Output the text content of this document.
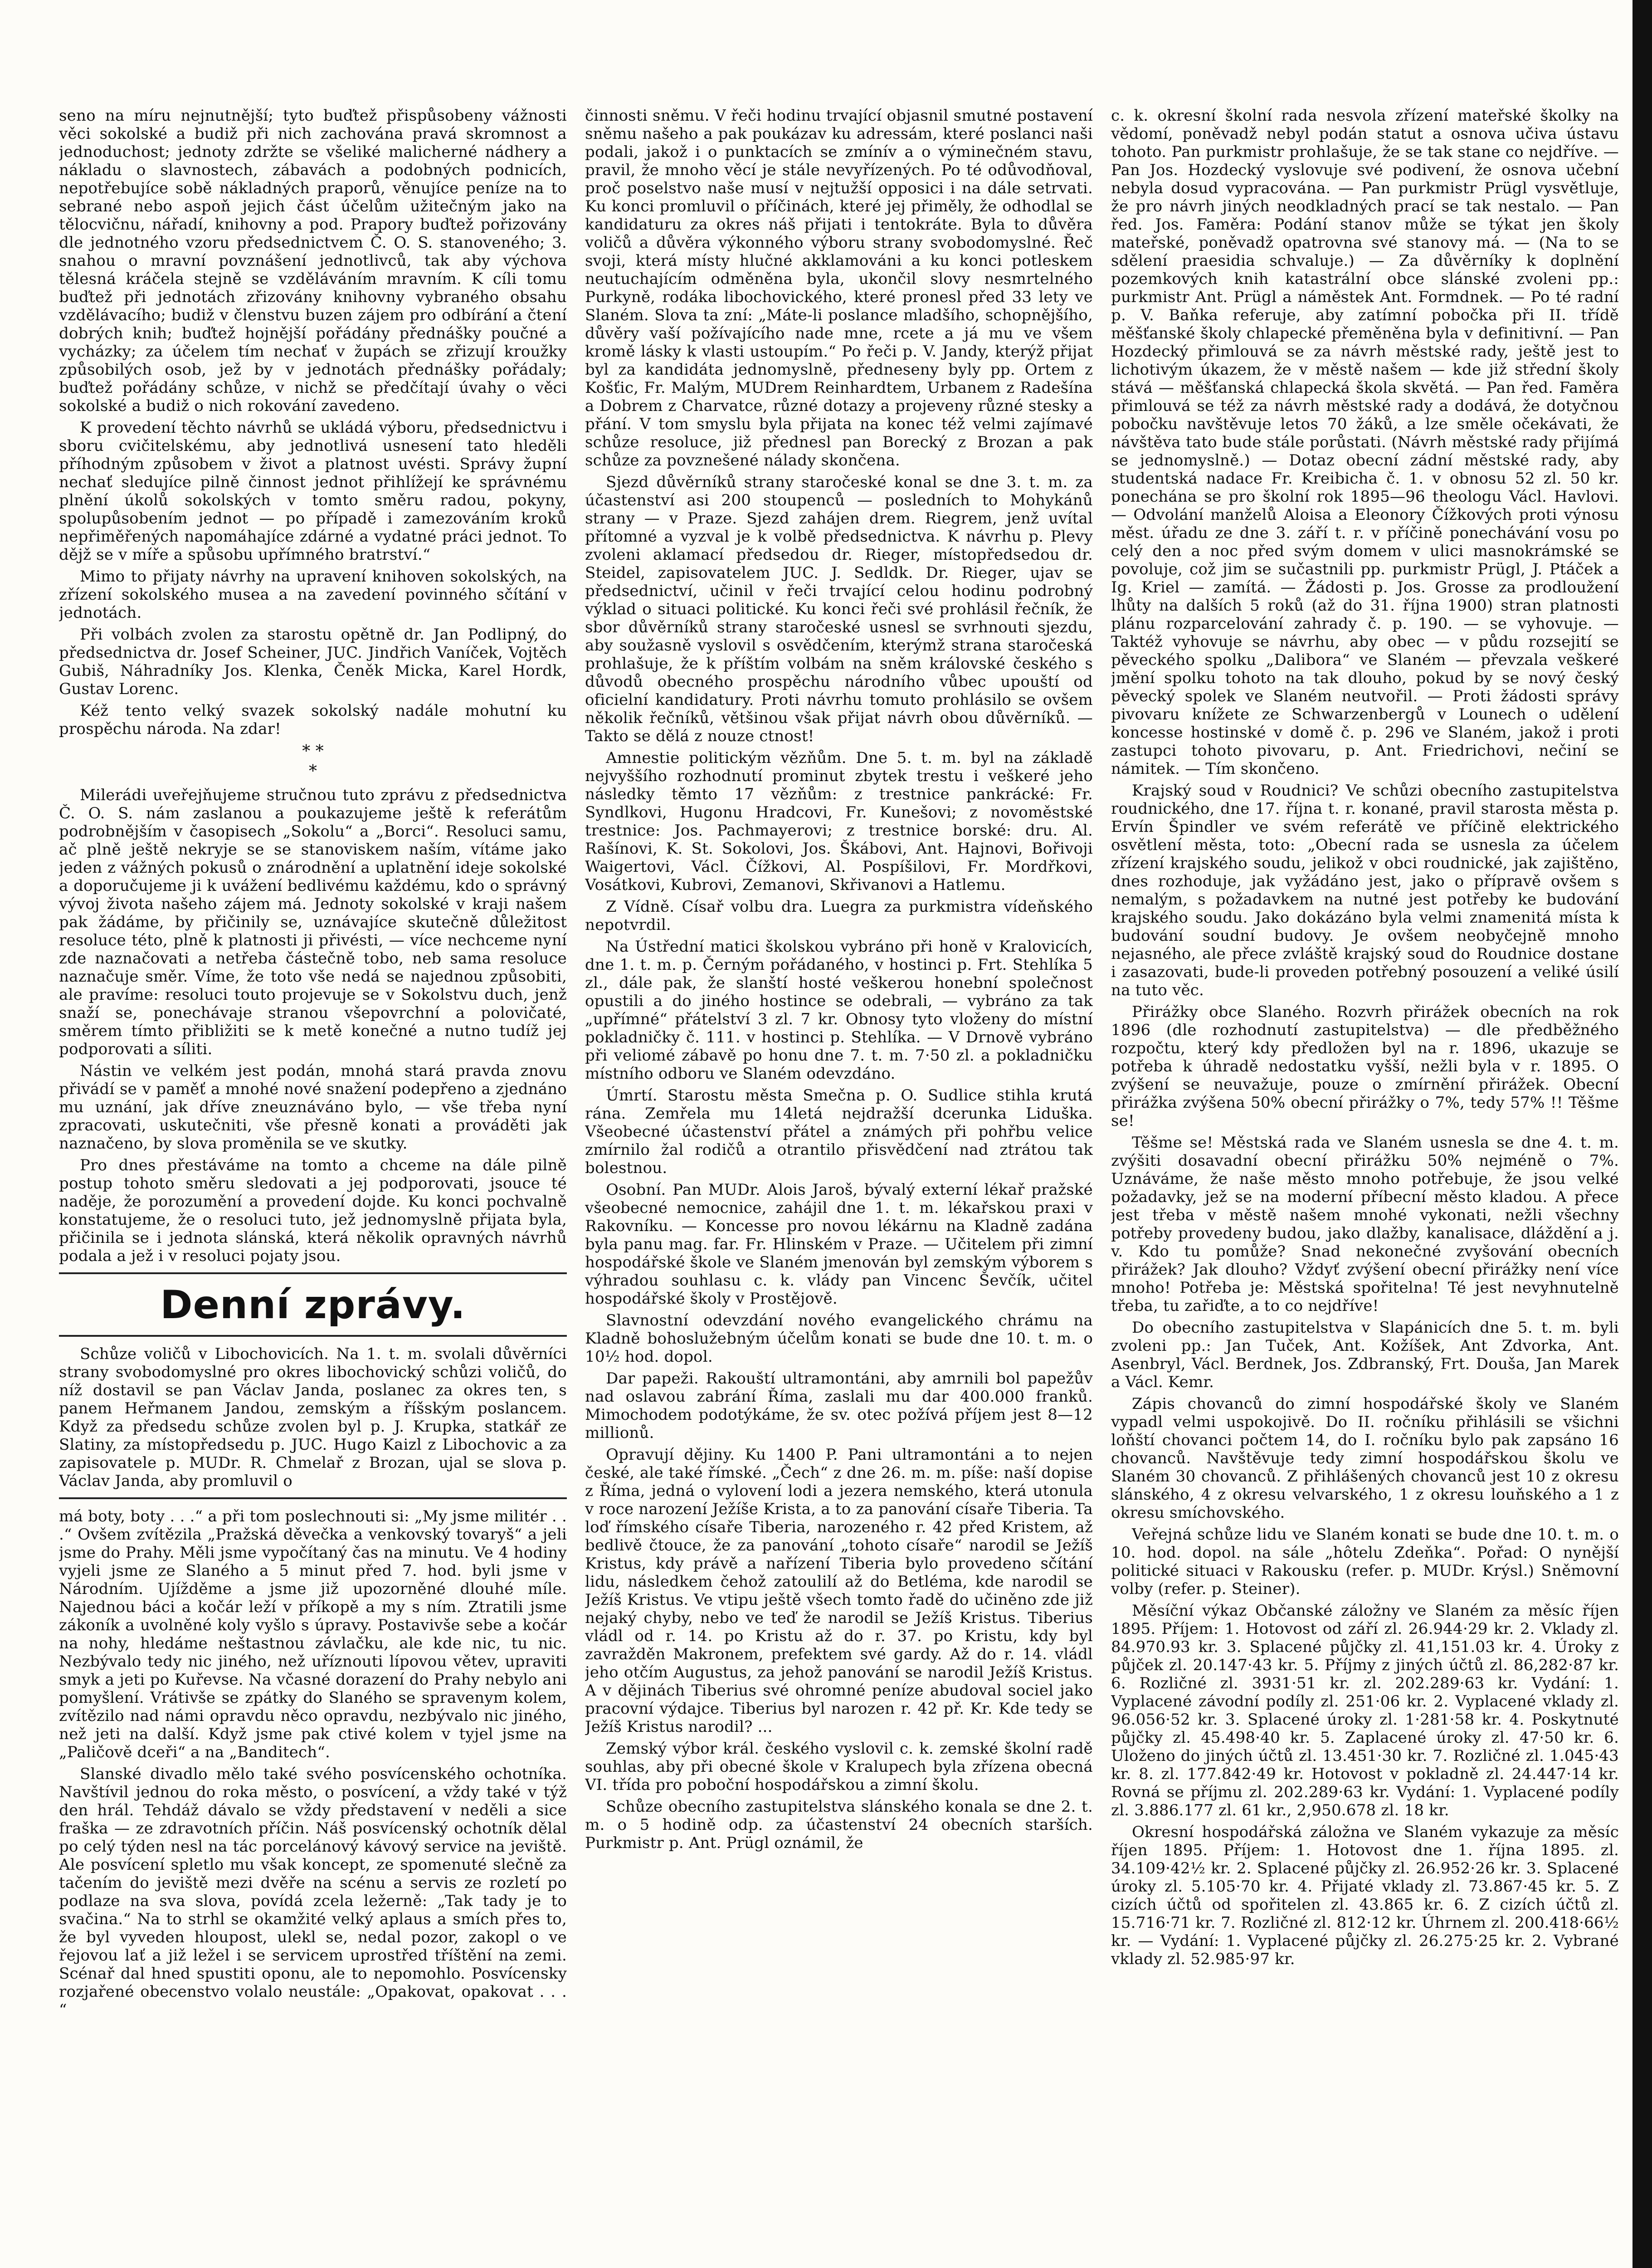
seno na míru nejnutnější; tyto buďtež přispůsobeny vážnosti věci sokolské a budiž při nich zachována pravá skromnost a jednoduchost; jednoty zdržte se všeliké malicherné nádhery a nákladu o slavnostech, zábavách a podobných podnicích, nepotřebujíce sobě nákladných praporů, věnujíce peníze na to sebrané nebo aspoň jejich část účelům užitečným jako na tělocvičnu, nářadí, knihovny a pod. Prapory buďtež pořizovány dle jednotného vzoru předsednictvem Č. O. S. stanoveného; 3. snahou o mravní povznášení jednotlivců, tak aby výchova tělesná kráčela stejně se vzděláváním mravním. K cíli tomu buďtež při jednotách zřizovány knihovny vybraného obsahu vzdělávacího; budiž v členstvu buzen zájem pro odbírání a čtení dobrých knih; buďtež hojnější pořádány přednášky poučné a vycházky; za účelem tím nechať v župách se zřizují kroužky způsobilých osob, jež by v jednotách přednášky pořádaly; buďtež pořádány schůze, v nichž se předčítají úvahy o věci sokolské a budiž o nich rokování zavedeno.

K provedení těchto návrhů se ukládá výboru, předsednictvu i sboru cvičitelskému, aby jednotlivá usnesení tato hleděli příhodným způsobem v život a platnost uvésti. Správy župní nechať sledujíce pilně činnost jednot přihlížejí ke správnému plnění úkolů sokolských v tomto směru radou, pokyny, spolupůsobením jednot — po případě i zamezováním kroků nepřiměřených napomáhajíce zdárné a vydatné práci jednot. To dějž se v míře a spůsobu upřímného bratrství.“

Mimo to přijaty návrhy na upravení knihoven sokolských, na zřízení sokolského musea a na zavedení povinného sčítání v jednotách.

Při volbách zvolen za starostu opětně dr. Jan Podlipný, do předsednictva dr. Josef Scheiner, JUC. Jindřich Vaníček, Vojtěch Gubiš, Náhradníky Jos. Klenka, Čeněk Micka, Karel Hordk, Gustav Lorenc.

Kéž tento velký svazek sokolský nadále mohutní ku prospěchu národa. Na zdar!

* *
*

Milerádi uveřejňujeme stručnou tuto zprávu z předsednictva Č. O. S. nám zaslanou a poukazujeme ještě k referátům podrobnějším v časopisech „Sokolu“ a „Borci“. Resoluci samu, ač plně ještě nekryje se se stanoviskem naším, vítáme jako jeden z vážných pokusů o znárodnění a uplatnění ideje sokolské a doporučujeme ji k uvážení bedlivému každému, kdo o správný vývoj života našeho zájem má. Jednoty sokolské v kraji našem pak žádáme, by přičinily se, uznávajíce skutečně důležitost resoluce této, plně k platnosti ji přivésti, — více nechceme nyní zde naznačovati a netřeba částečně tobo, neb sama resoluce naznačuje směr. Víme, že toto vše nedá se najednou způsobiti, ale pravíme: resoluci touto projevuje se v Sokolstvu duch, jenž snaží se, ponechávaje stranou všepovrchní a polovičaté, směrem tímto přibližiti se k metě konečné a nutno tudíž jej podporovati a síliti.

Nástin ve velkém jest podán, mnohá stará pravda znovu přivádí se v paměť a mnohé nové snažení podepřeno a zjednáno mu uznání, jak dříve zneuznáváno bylo, — vše třeba nyní zpracovati, uskutečniti, vše přesně konati a prováděti jak naznačeno, by slova proměnila se ve skutky.

Pro dnes přestáváme na tomto a chceme na dále pilně postup tohoto směru sledovati a jej podporovati, jsouce té naděje, že porozumění a provedení dojde. Ku konci pochvalně konstatujeme, že o resoluci tuto, jež jednomyslně přijata byla, přičinila se i jednota slánská, která několik opravných návrhů podala a jež i v resoluci pojaty jsou.

Denní zprávy.

Schůze voličů v Libochovicích. Na 1. t. m. svolali důvěrníci strany svobodomyslné pro okres libochovický schůzi voličů, do níž dostavil se pan Václav Janda, poslanec za okres ten, s panem Heřmanem Jandou, zemským a říšským poslancem. Když za předsedu schůze zvolen byl p. J. Krupka, statkář ze Slatiny, za místopředsedu p. JUC. Hugo Kaizl z Libochovic a za zapisovatele p. MUDr. R. Chmelař z Brozan, ujal se slova p. Václav Janda, aby promluvil o

má boty, boty . . .“ a při tom poslechnouti si: „My jsme militér . . .“ Ovšem zvítězila „Pražská děvečka a venkovský tovaryš“ a jeli jsme do Prahy. Měli jsme vypočítaný čas na minutu. Ve 4 hodiny vyjeli jsme ze Slaného a 5 minut před 7. hod. byli jsme v Národním. Ujížděme a jsme již upozorněné dlouhé míle. Najednou báci a kočár leží v příkopě a my s ním. Ztratili jsme zákoník a uvolněné koly vyšlo s úpravy. Postavivše sebe a kočár na nohy, hledáme neštastnou závlačku, ale kde nic, tu nic. Nezbývalo tedy nic jiného, než uříznouti lípovou větev, upraviti smyk a jeti po Kuřevse. Na včasné dorazení do Prahy nebylo ani pomyšlení. Vrátivše se zpátky do Slaného se spravenym kolem, zvítězilo nad námi opravdu něco opravdu, nezbývalo nic jiného, než jeti na další. Když jsme pak ctivé kolem v tyjel jsme na „Paličově dceři“ a na „Banditech“.

Slanské divadlo mělo také svého posvícenského ochotníka. Navštívil jednou do roka město, o posvícení, a vždy také v týž den hrál. Tehdáž dávalo se vždy představení v neděli a sice fraška — ze zdravotních příčin. Náš posvícenský ochotník dělal po celý týden nesl na tác porcelánový kávový service na jeviště. Ale posvícení spletlo mu však koncept, ze spomenuté slečně za tačením do jeviště mezi dvěře na scénu a servis ze rozletí po podlaze na sva slova, povídá zcela ležerně: „Tak tady je to svačina.“ Na to strhl se okamžité velký aplaus a smích přes to, že byl vyveden hloupost, ulekl se, nedal pozor, zakopl o ve řejovou lať a již ležel i se servicem uprostřed tříštění na zemi. Scénař dal hned spustiti oponu, ale to nepomohlo. Posvícensky rozjařené obecenstvo volalo neustále: „Opakovat, opakovat . . . “

činnosti sněmu. V řeči hodinu trvající objasnil smutné postavení sněmu našeho a pak poukázav ku adressám, které poslanci naši podali, jakož i o punktacích se zmínív a o výminečném stavu, pravil, že mnoho věcí je stále nevyřízených. Po té odůvodňoval, proč poselstvo naše musí v nejtužší opposici i na dále setrvati. Ku konci promluvil o příčinách, které jej přiměly, že odhodlal se kandidaturu za okres náš přijati i tentokráte. Byla to důvěra voličů a důvěra výkonného výboru strany svobodomyslné. Řeč svoji, která místy hlučné akklamováni a ku konci potleskem neutuchajícím odměněna byla, ukončil slovy nesmrtelného Purkyně, rodáka libochovického, které pronesl před 33 lety ve Slaném. Slova ta zní: „Máte-li poslance mladšího, schopnějšího, důvěry vaší požívajícího nade mne, rcete a já mu ve všem kromě lásky k vlasti ustoupím.“ Po řeči p. V. Jandy, kterýž přijat byl za kandidáta jednomyslně, předneseny byly pp. Ortem z Košťic, Fr. Malým, MUDrem Reinhardtem, Urbanem z Radešína a Dobrem z Charvatce, různé dotazy a projeveny různé stesky a přání. V tom smyslu byla přijata na konec též velmi zajímavé schůze resoluce, již přednesl pan Borecký z Brozan a pak schůze za povznešené nálady skončena.

Sjezd důvěrníků strany staročeské konal se dne 3. t. m. za účastenství asi 200 stoupenců — posledních to Mohykánů strany — v Praze. Sjezd zahájen drem. Riegrem, jenž uvítal přítomné a vyzval je k volbě předsednictva. K návrhu p. Plevy zvoleni aklamací předsedou dr. Rieger, místopředsedou dr. Steidel, zapisovatelem JUC. J. Sedldk. Dr. Rieger, ujav se předsednictví, učinil v řeči trvající celou hodinu podrobný výklad o situaci politické. Ku konci řeči své prohlásil řečník, že sbor důvěrníků strany staročeské usnesl se svrhnouti sjezdu, aby soužasně vyslovil s osvědčením, kterýmž strana staročeská prohlašuje, že k příštím volbám na sněm královské českého s důvodů obecného prospěchu národního vůbec upouští od oficielní kandidatury. Proti návrhu tomuto prohlásilo se ovšem několik řečníků, většinou však přijat návrh obou důvěrníků. — Takto se dělá z nouze ctnost!

Amnestie politickým vězňům. Dne 5. t. m. byl na základě nejvyššího rozhodnutí prominut zbytek trestu i veškeré jeho následky těmto 17 vězňům: z trestnice pankrácké: Fr. Syndlkovi, Hugonu Hradcovi, Fr. Kunešovi; z novoměstské trestnice: Jos. Pachmayerovi; z trestnice borské: dru. Al. Rašínovi, K. St. Sokolovi, Jos. Škábovi, Ant. Hajnovi, Bořivoji Waigertovi, Václ. Čížkovi, Al. Pospíšilovi, Fr. Mordřkovi, Vosátkovi, Kubrovi, Zemanovi, Skřivanovi a Hatlemu.

Z Vídně. Císař volbu dra. Luegra za purkmistra vídeňského nepotvrdil.

Na Ústřední matici školskou vybráno při honě v Kralovicích, dne 1. t. m. p. Černým pořádaného, v hostinci p. Frt. Stehlíka 5 zl., dále pak, že slanští hosté veškerou honební společnost opustili a do jiného hostince se odebrali, — vybráno za tak „upřímné“ přátelství 3 zl. 7 kr. Obnosy tyto vloženy do místní pokladničky č. 111. v hostinci p. Stehlíka. — V Drnově vybráno při veliomé zábavě po honu dne 7. t. m. 7·50 zl. a pokladničku místního odboru ve Slaném odevzdáno.

Úmrtí. Starostu města Smečna p. O. Sudlice stihla krutá rána. Zemřela mu 14letá nejdražší dcerunka Liduška. Všeobecné účastenství přátel a známých při pohřbu velice zmírnilo žal rodičů a otrantilo přisvědčení nad ztrátou tak bolestnou.

Osobní. Pan MUDr. Alois Jaroš, bývalý externí lékař pražské všeobecné nemocnice, zahájil dne 1. t. m. lékařskou praxi v Rakovníku. — Koncesse pro novou lékárnu na Kladně zadána byla panu mag. far. Fr. Hlinském v Praze. — Učitelem při zimní hospodářské škole ve Slaném jmenován byl zemským výborem s výhradou souhlasu c. k. vlády pan Vincenc Ševčík, učitel hospodářské školy v Prostějově.

Slavnostní odevzdání nového evangelického chrámu na Kladně bohoslužebným účelům konati se bude dne 10. t. m. o 10½ hod. dopol.

Dar papeži. Rakouští ultramontáni, aby amrnili bol papežův nad oslavou zabrání Říma, zaslali mu dar 400.000 franků. Mimochodem podotýkáme, že sv. otec požívá příjem jest 8—12 millionů.

Opravují dějiny. Ku 1400 P. Pani ultramontáni a to nejen české, ale také římské. „Čech“ z dne 26. m. m. píše: naší dopise z Říma, jedná o vylovení lodi a jezera nemského, která utonula v roce narození Ježíše Krista, a to za panování císaře Tiberia. Ta loď římského císaře Tiberia, narozeného r. 42 před Kristem, až bedlivě čtouce, že za panování „tohoto císaře“ narodil se Ježíš Kristus, kdy právě a nařízení Tiberia bylo provedeno sčítání lidu, následkem čehož zatoulilí až do Betléma, kde narodil se Ježíš Kristus. Ve vtipu ještě všech tomto řadě do učiněno zde již nejaký chyby, nebo ve teď že narodil se Ježíš Kristus. Tiberius vládl od r. 14. po Kristu až do r. 37. po Kristu, kdy byl zavražděn Makronem, prefektem své gardy. Až do r. 14. vládl jeho otčím Augustus, za jehož panování se narodil Ježíš Kristus. A v dějinách Tiberius své ohromné peníze abudoval sociel jako pracovní výdajce. Tiberius byl narozen r. 42 př. Kr. Kde tedy se Ježíš Kristus narodil? ...

Zemský výbor král. českého vyslovil c. k. zemské školní radě souhlas, aby při obecné škole v Kralupech byla zřízena obecná VI. třída pro poboční hospodářskou a zimní školu.

Schůze obecního zastupitelstva slánského konala se dne 2. t. m. o 5 hodině odp. za účastenství 24 obecních starších. Purkmistr p. Ant. Prügl oznámil, že

c. k. okresní školní rada nesvola zřízení mateřské školky na vědomí, poněvadž nebyl podán statut a osnova učiva ústavu tohoto. Pan purkmistr prohlašuje, že se tak stane co nejdříve. — Pan Jos. Hozdecký vyslovuje své podivení, že osnova učební nebyla dosud vypracována. — Pan purkmistr Prügl vysvětluje, že pro návrh jiných neodkladných prací se tak nestalo. — Pan řed. Jos. Faměra: Podání stanov může se týkat jen školy mateřské, poněvadž opatrovna své stanovy má. — (Na to se sdělení praesidia schvaluje.) — Za důvěrníky k doplnění pozemkových knih katastrální obce slánské zvoleni pp.: purkmistr Ant. Prügl a náměstek Ant. Formdnek. — Po té radní p. V. Baňka referuje, aby zatímní pobočka při II. třídě měšťanské školy chlapecké přeměněna byla v definitivní. — Pan Hozdecký přimlouvá se za návrh městské rady, ještě jest to lichotivým úkazem, že v městě našem — kde již střední školy stává — měšťanská chlapecká škola skvětá. — Pan řed. Faměra přimlouvá se též za návrh městské rady a dodává, že dotyčnou pobočku navštěvuje letos 70 žáků, a lze směle očekávati, že návštěva tato bude stále porůstati. (Návrh městské rady přijímá se jednomyslně.) — Dotaz obecní zádní městské rady, aby studentská nadace Fr. Kreibicha č. 1. v obnosu 52 zl. 50 kr. ponechána se pro školní rok 1895—96 theologu Václ. Havlovi. — Odvolání manželů Aloisa a Eleonory Čížkových proti výnosu měst. úřadu ze dne 3. září t. r. v příčině ponechávání vosu po celý den a noc před svým domem v ulici masnokrámské se povoluje, což jim se sučastnili pp. purkmistr Prügl, J. Ptáček a Ig. Kriel — zamítá. — Žádosti p. Jos. Grosse za prodloužení lhůty na dalších 5 roků (až do 31. října 1900) stran platnosti plánu rozparcelování zahrady č. p. 190. — se vyhovuje. — Taktéž vyhovuje se návrhu, aby obec — v půdu rozsejití se pěveckého spolku „Dalibora“ ve Slaném — převzala veškeré jmění spolku tohoto na tak dlouho, pokud by se nový český pěvecký spolek ve Slaném neutvořil. — Proti žádosti správy pivovaru knížete ze Schwarzenbergů v Lounech o udělení koncesse hostinské v domě č. p. 296 ve Slaném, jakož i proti zastupci tohoto pivovaru, p. Ant. Friedrichovi, nečiní se námitek. — Tím skončeno.

Krajský soud v Roudnici? Ve schůzi obecního zastupitelstva roudnického, dne 17. října t. r. konané, pravil starosta města p. Ervín Špindler ve svém referátě ve příčině elektrického osvětlení města, toto: „Obecní rada se usnesla za účelem zřízení krajského soudu, jelikož v obci roudnické, jak zajištěno, dnes rozhoduje, jak vyžádáno jest, jako o přípravě ovšem s nemalým, s požadavkem na nutné jest potřeby ke budování krajského soudu. Jako dokázáno byla velmi znamenitá místa k budování soudní budovy. Je ovšem neobyčejně mnoho nejasného, ale přece zvláště krajský soud do Roudnice dostane i zasazovati, bude-li proveden potřebný posouzení a veliké úsilí na tuto věc.

Přirážky obce Slaného. Rozvrh přirážek obecních na rok 1896 (dle rozhodnutí zastupitelstva) — dle předběžného rozpočtu, který kdy předložen byl na r. 1896, ukazuje se potřeba k úhradě nedostatku vyšší, nežli byla v r. 1895. O zvýšení se neuvažuje, pouze o zmírnění přirážek. Obecní přirážka zvýšena 50% obecní přirážky o 7%, tedy 57% !! Těšme se!

Těšme se! Městská rada ve Slaném usnesla se dne 4. t. m. zvýšiti dosavadní obecní přirážku 50% nejméně o 7%. Uznáváme, že naše město mnoho potřebuje, že jsou velké požadavky, jež se na moderní příbecní město kladou. A přece jest třeba v městě našem mnohé vykonati, nežli všechny potřeby provedeny budou, jako dlažby, kanalisace, dláždění a j. v. Kdo tu pomůže? Snad nekonečné zvyšování obecních přirážek? Jak dlouho? Vždyť zvýšení obecní přirážky není více mnoho! Potřeba je: Městská spořitelna! Té jest nevyhnutelně třeba, tu zařiďte, a to co nejdříve!

Do obecního zastupitelstva v Slapánicích dne 5. t. m. byli zvoleni pp.: Jan Tuček, Ant. Kožíšek, Ant Zdvorka, Ant. Asenbryl, Václ. Berdnek, Jos. Zdbranský, Frt. Douša, Jan Marek a Václ. Kemr.

Zápis chovanců do zimní hospodářské školy ve Slaném vypadl velmi uspokojivě. Do II. ročníku přihlásili se všichni loňští chovanci počtem 14, do I. ročníku bylo pak zapsáno 16 chovanců. Navštěvuje tedy zimní hospodářskou školu ve Slaném 30 chovanců. Z přihlášených chovanců jest 10 z okresu slánského, 4 z okresu velvarského, 1 z okresu louňského a 1 z okresu smíchovského.

Veřejná schůze lidu ve Slaném konati se bude dne 10. t. m. o 10. hod. dopol. na sále „hôtelu Zdeňka“. Pořad: O nynější politické situaci v Rakousku (refer. p. MUDr. Krýsl.) Sněmovní volby (refer. p. Steiner).

Měsíční výkaz Občanské záložny ve Slaném za měsíc říjen 1895. Příjem: 1. Hotovost od září zl. 26.944·29 kr. 2. Vklady zl. 84.970.93 kr. 3. Splacené půjčky zl. 41,151.03 kr. 4. Úroky z půjček zl. 20.147·43 kr. 5. Příjmy z jiných účtů zl. 86,282·87 kr. 6. Rozličné zl. 3931·51 kr. zl. 202.289·63 kr. Vydání: 1. Vyplacené závodní podíly zl. 251·06 kr. 2. Vyplacené vklady zl. 96.056·52 kr. 3. Splacené úroky zl. 1·281·58 kr. 4. Poskytnuté půjčky zl. 45.498·40 kr. 5. Zaplacené úroky zl. 47·50 kr. 6. Uloženo do jiných účtů zl. 13.451·30 kr. 7. Rozličné zl. 1.045·43 kr. 8. zl. 177.842·49 kr. Hotovost v pokladně zl. 24.447·14 kr. Rovná se příjmu zl. 202.289·63 kr. Vydání: 1. Vyplacené podíly zl. 3.886.177 zl. 61 kr., 2,950.678 zl. 18 kr.

Okresní hospodářská záložna ve Slaném vykazuje za měsíc říjen 1895. Příjem: 1. Hotovost dne 1. října 1895. zl. 34.109·42½ kr. 2. Splacené půjčky zl. 26.952·26 kr. 3. Splacené úroky zl. 5.105·70 kr. 4. Přijaté vklady zl. 73.867·45 kr. 5. Z cizích účtů od spořitelen zl. 43.865 kr. 6. Z cizích účtů zl. 15.716·71 kr. 7. Rozličné zl. 812·12 kr. Úhrnem zl. 200.418·66½ kr. — Vydání: 1. Vyplacené půjčky zl. 26.275·25 kr. 2. Vybrané vklady zl. 52.985·97 kr.
